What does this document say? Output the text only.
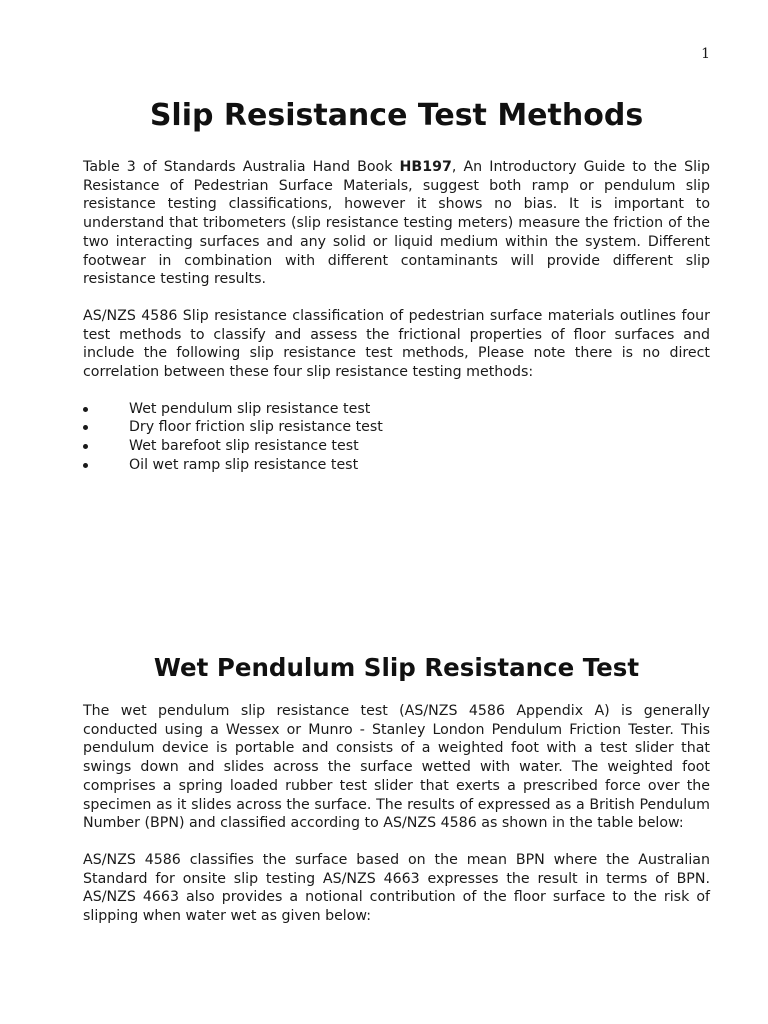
1
Slip Resistance Test Methods

Table 3 of Standards Australia Hand Book HB197, An Introductory Guide to the Slip Resistance of Pedestrian Surface Materials, suggest both ramp or pendulum slip resistance testing classifications, however it shows no bias. It is important to understand that tribometers (slip resistance testing meters) measure the friction of the two interacting surfaces and any solid or liquid medium within the system. Different footwear in combination with different contaminants will provide different slip resistance testing results.

AS/NZS 4586 Slip resistance classification of pedestrian surface materials outlines four test methods to classify and assess the frictional properties of floor surfaces and include the following slip resistance test methods, Please note there is no direct correlation between these four slip resistance testing methods:

Wet pendulum slip resistance test
Dry floor friction slip resistance test
Wet barefoot slip resistance test
Oil wet ramp slip resistance test
Wet Pendulum Slip Resistance Test

The wet pendulum slip resistance test (AS/NZS 4586 Appendix A) is generally conducted using a Wessex or Munro - Stanley London Pendulum Friction Tester. This pendulum device is portable and consists of a weighted foot with a test slider that swings down and slides across the surface wetted with water. The weighted foot comprises a spring loaded rubber test slider that exerts a prescribed force over the specimen as it slides across the surface. The results of expressed as a British Pendulum Number (BPN) and classified according to AS/NZS 4586 as shown in the table below:

AS/NZS 4586 classifies the surface based on the mean BPN where the Australian Standard for onsite slip testing AS/NZS 4663 expresses the result in terms of BPN. AS/NZS 4663 also provides a notional contribution of the floor surface to the risk of slipping when water wet as given below:
